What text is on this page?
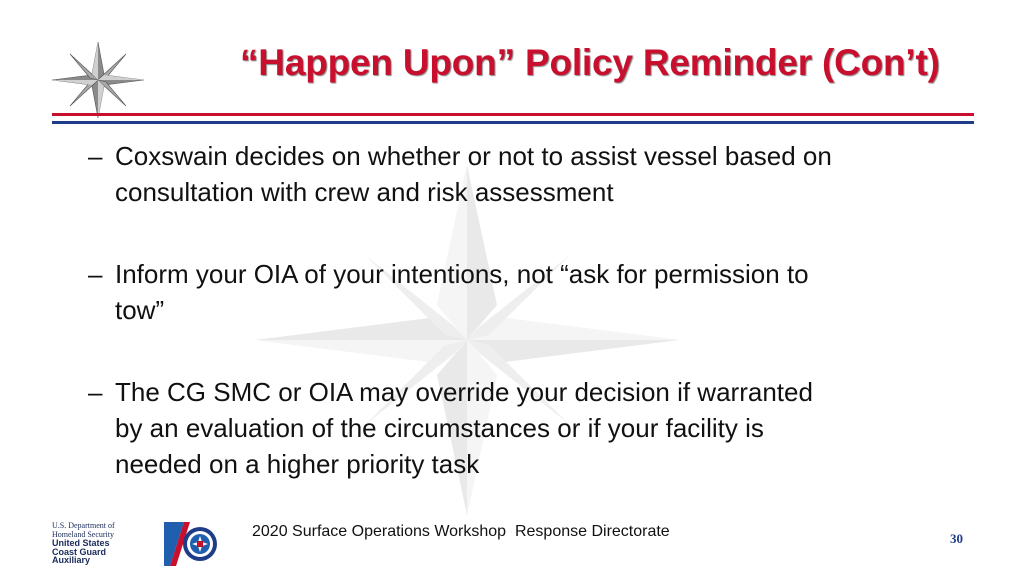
“Happen Upon” Policy Reminder (Con’t)
– Coxswain decides on whether or not to assist vessel based on
consultation with crew and risk assessment
– Inform your OIA of your intentions, not “ask for permission to
tow”
– The CG SMC or OIA may override your decision if warranted
by an evaluation of the circumstances or if your facility is
needed on a higher priority task
U.S. Department of
Homeland Security
United States
Coast Guard
Auxiliary
2020 Surface Operations Workshop  Response Directorate	30
